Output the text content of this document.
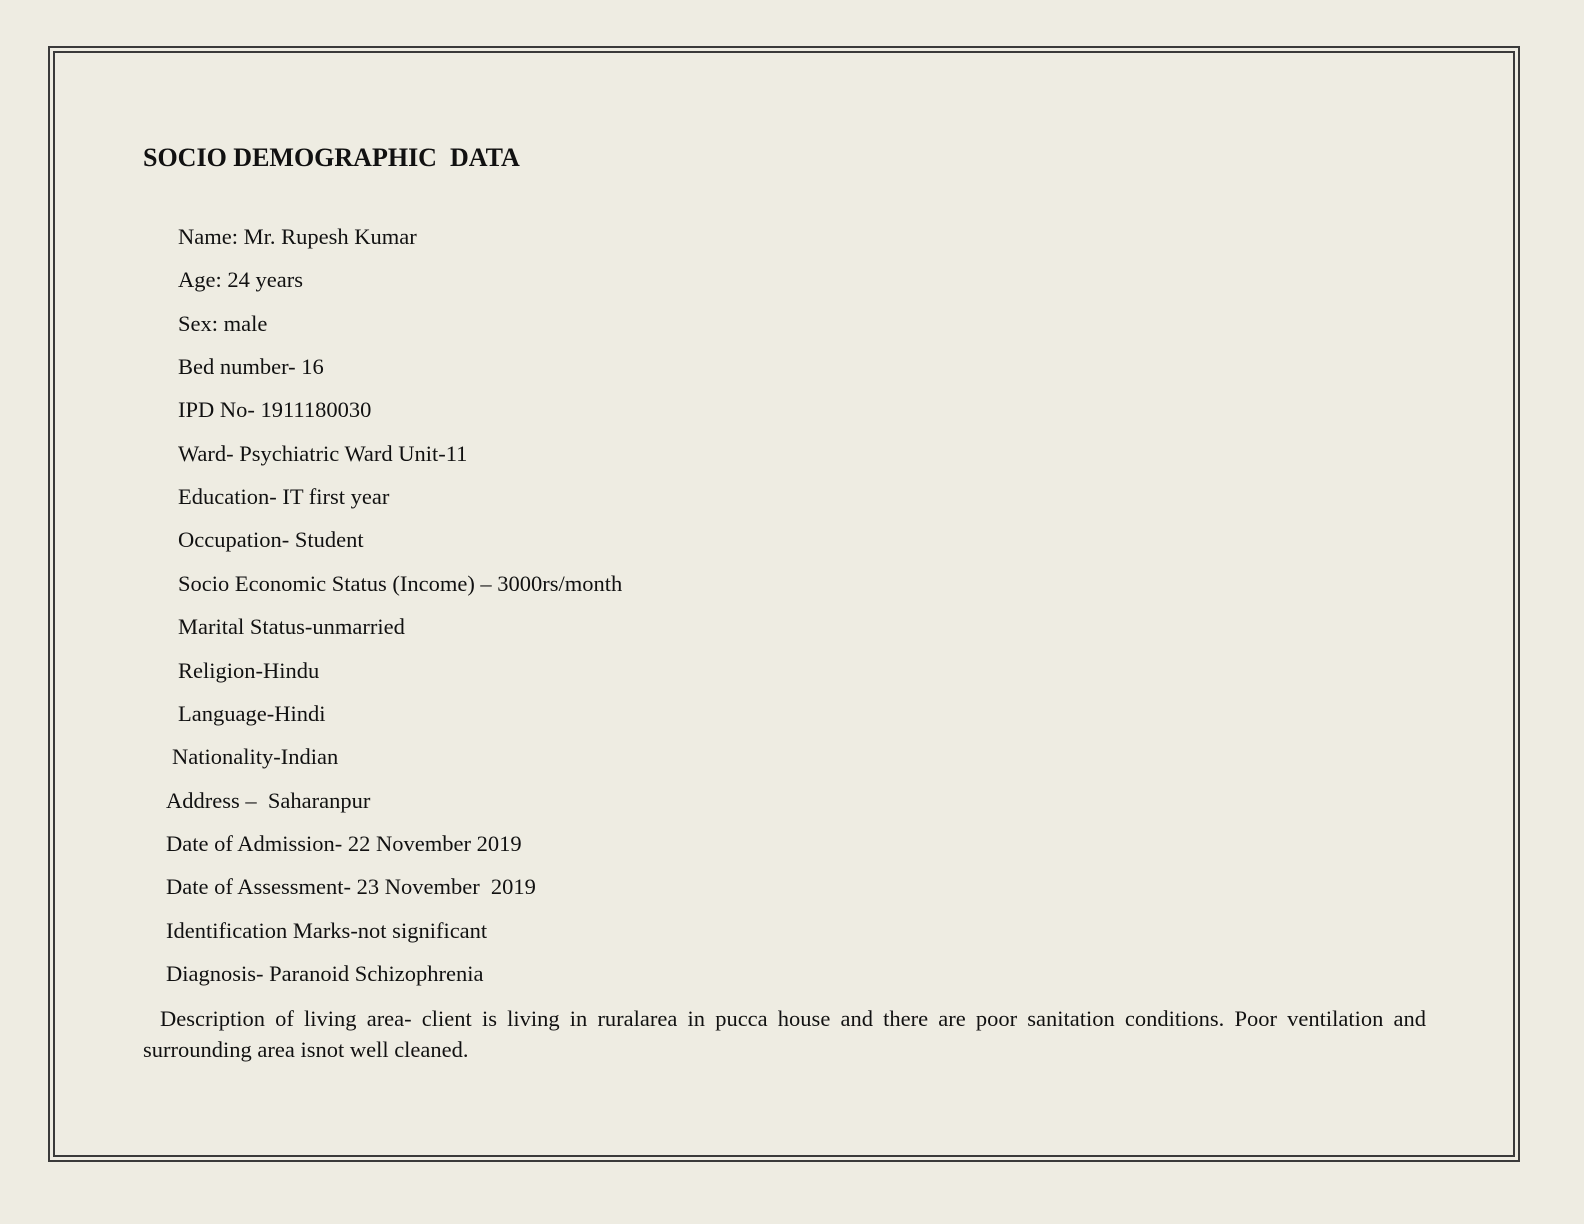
SOCIO DEMOGRAPHIC  DATA
Name: Mr. Rupesh Kumar
Age: 24 years
Sex: male
Bed number- 16
IPD No- 1911180030
Ward- Psychiatric Ward Unit-11
Education- IT first year
Occupation- Student
Socio Economic Status (Income) – 3000rs/month
Marital Status-unmarried
Religion-Hindu
Language-Hindi
Nationality-Indian
Address –  Saharanpur
Date of Admission- 22 November 2019
Date of Assessment- 23 November  2019
Identification Marks-not significant
Diagnosis- Paranoid Schizophrenia
Description of living area- client is living in ruralarea in pucca house and there are poor sanitation conditions. Poor ventilation and surrounding area isnot well cleaned.
